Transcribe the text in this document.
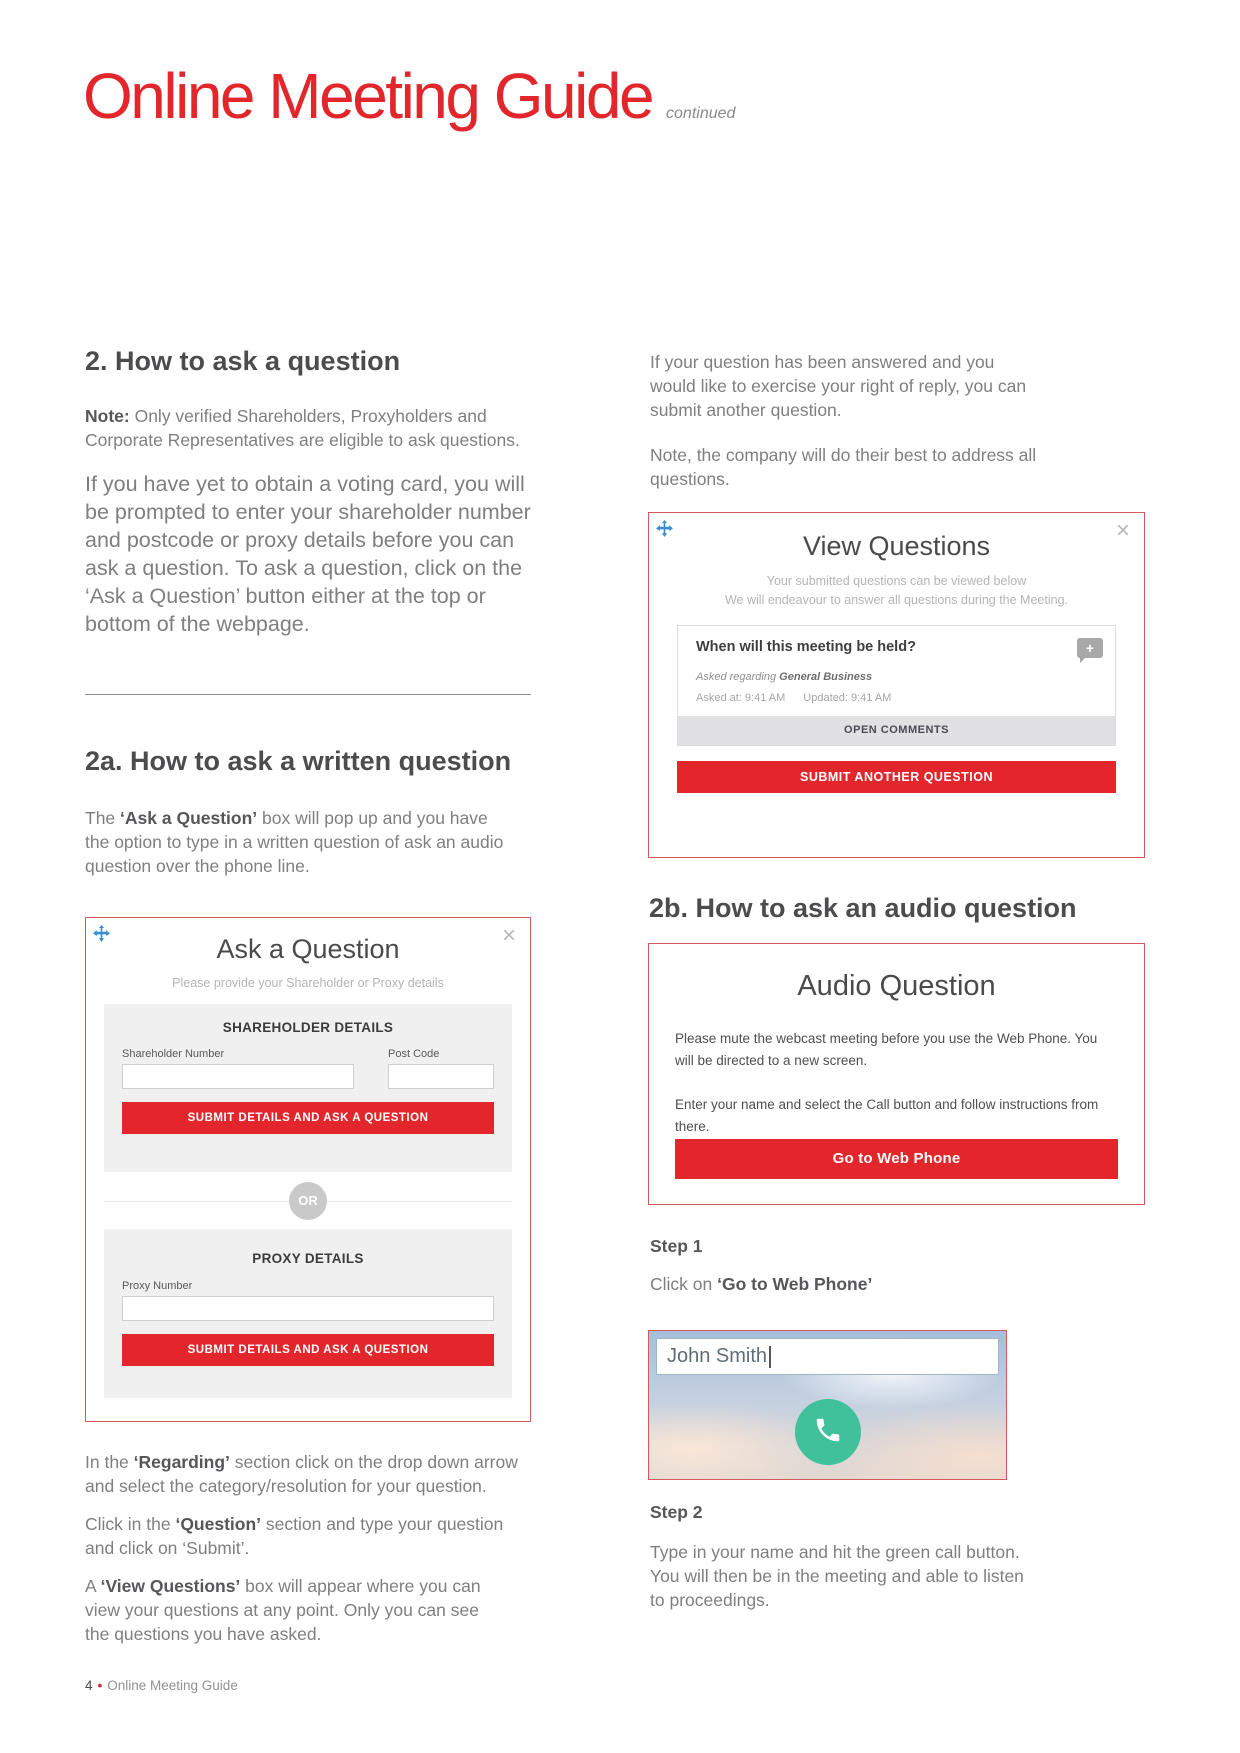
Online Meeting Guide continued
2. How to ask a question

Note: Only verified Shareholders, Proxyholders and Corporate Representatives are eligible to ask questions.

If you have yet to obtain a voting card, you will be prompted to enter your shareholder number and postcode or proxy details before you can ask a question. To ask a question, click on the ‘Ask a Question’ button either at the top or bottom of the webpage.

2a. How to ask a written question

The ‘Ask a Question’ box will pop up and you have the option to type in a written question of ask an audio question over the phone line.

×
Ask a Question
Please provide your Shareholder or Proxy details
SHAREHOLDER DETAILS
Shareholder Number	Post Code
SUBMIT DETAILS AND ASK A QUESTION
OR
PROXY DETAILS
Proxy Number
SUBMIT DETAILS AND ASK A QUESTION

In the ‘Regarding’ section click on the drop down arrow and select the category/resolution for your question.

Click in the ‘Question’ section and type your question and click on ‘Submit’.

A ‘View Questions’ box will appear where you can view your questions at any point. Only you can see the questions you have asked.

4 • Online Meeting Guide

If your question has been answered and you would like to exercise your right of reply, you can submit another question.

Note, the company will do their best to address all questions.

×
View Questions
Your submitted questions can be viewed below
We will endeavour to answer all questions during the Meeting.
When will this meeting be held?	+
Asked regarding General Business
Asked at: 9:41 AM Updated: 9:41 AM
OPEN COMMENTS
SUBMIT ANOTHER QUESTION
2b. How to ask an audio question
Audio Question

Please mute the webcast meeting before you use the Web Phone. You will be directed to a new screen.

Enter your name and select the Call button and follow instructions from there.

Go to Web Phone

Step 1

Click on ‘Go to Web Phone’

John Smith

Step 2

Type in your name and hit the green call button. You will then be in the meeting and able to listen to proceedings.
